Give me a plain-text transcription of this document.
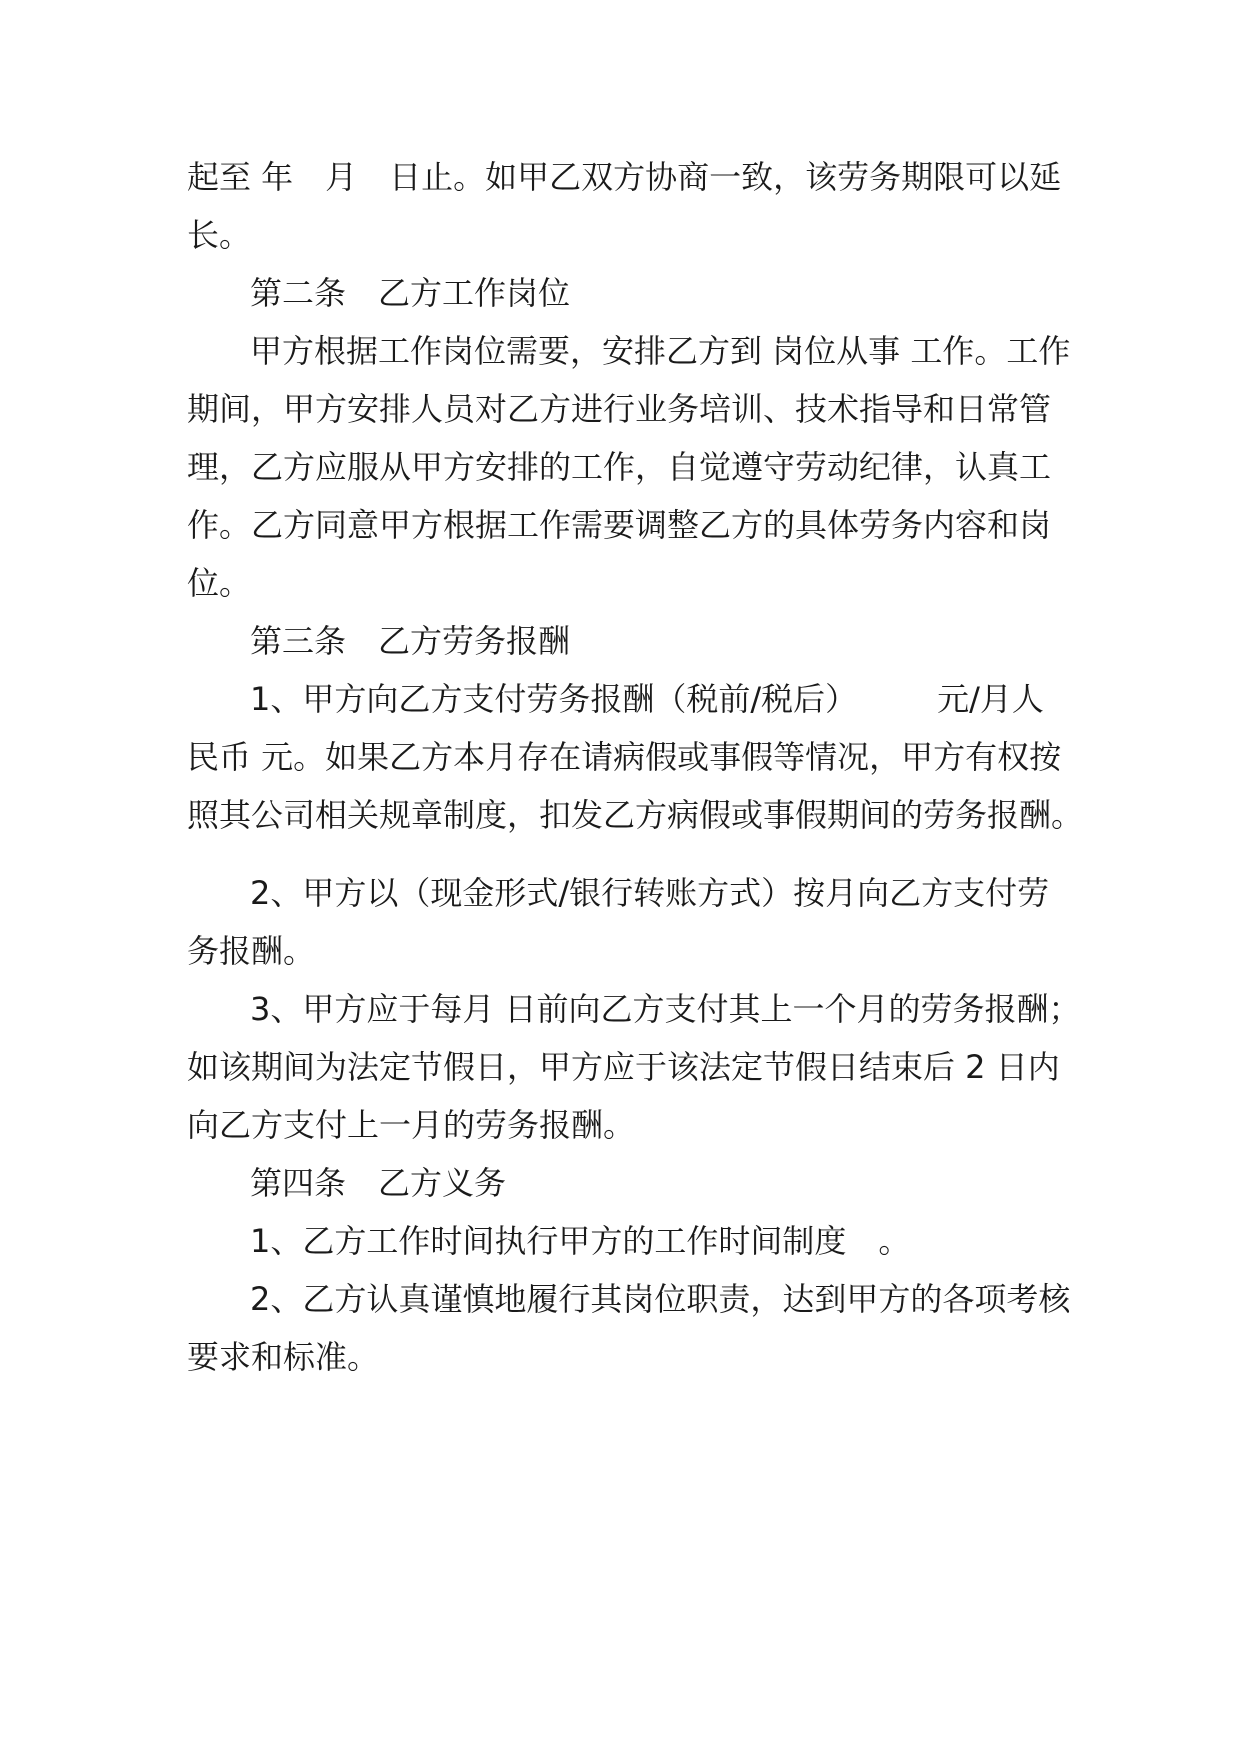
起至 年　月　日止。如甲乙双方协商一致，该劳务期限可以延
长。
第二条　乙方工作岗位
甲方根据工作岗位需要，安排乙方到 岗位从事 工作。工作
期间，甲方安排人员对乙方进行业务培训、技术指导和日常管
理，乙方应服从甲方安排的工作，自觉遵守劳动纪律，认真工
作。乙方同意甲方根据工作需要调整乙方的具体劳务内容和岗
位。
第三条　乙方劳务报酬
1、甲方向乙方支付劳务报酬（税前/税后）　　　元/月人
民币 元。如果乙方本月存在请病假或事假等情况，甲方有权按
照其公司相关规章制度，扣发乙方病假或事假期间的劳务报酬。
2、甲方以（现金形式/银行转账方式）按月向乙方支付劳
务报酬。
3、甲方应于每月 日前向乙方支付其上一个月的劳务报酬；
如该期间为法定节假日，甲方应于该法定节假日结束后 2 日内
向乙方支付上一月的劳务报酬。
第四条　乙方义务
1、乙方工作时间执行甲方的工作时间制度　。
2、乙方认真谨慎地履行其岗位职责，达到甲方的各项考核
要求和标准。
